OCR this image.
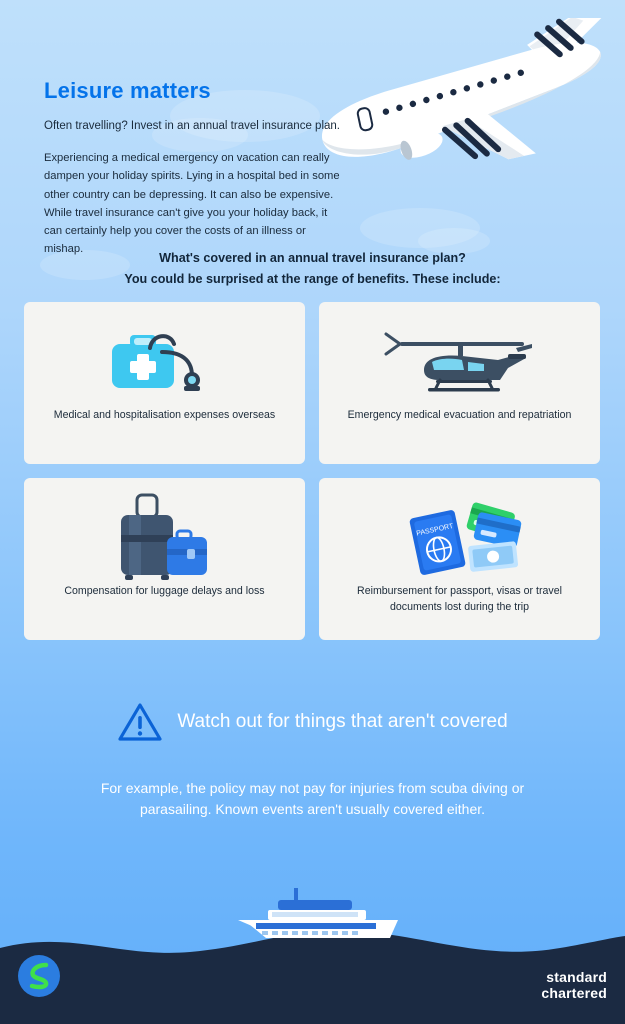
Leisure matters
Often travelling? Invest in an annual travel insurance plan.
Experiencing a medical emergency on vacation can really dampen your holiday spirits. Lying in a hospital bed in some other country can be depressing. It can also be expensive. While travel insurance can't give you your holiday back, it can certainly help you cover the costs of an illness or mishap.
What's covered in an annual travel insurance plan?
You could be surprised at the range of benefits. These include:
Medical and hospitalisation expenses overseas	Emergency medical evacuation and repatriation
Compensation for luggage delays and loss
PASSPORT
Reimbursement for passport, visas or travel documents lost during the trip
Watch out for things that aren't covered
For example, the policy may not pay for injuries from scuba diving or parasailing. Known events aren't usually covered either.
standard
chartered
